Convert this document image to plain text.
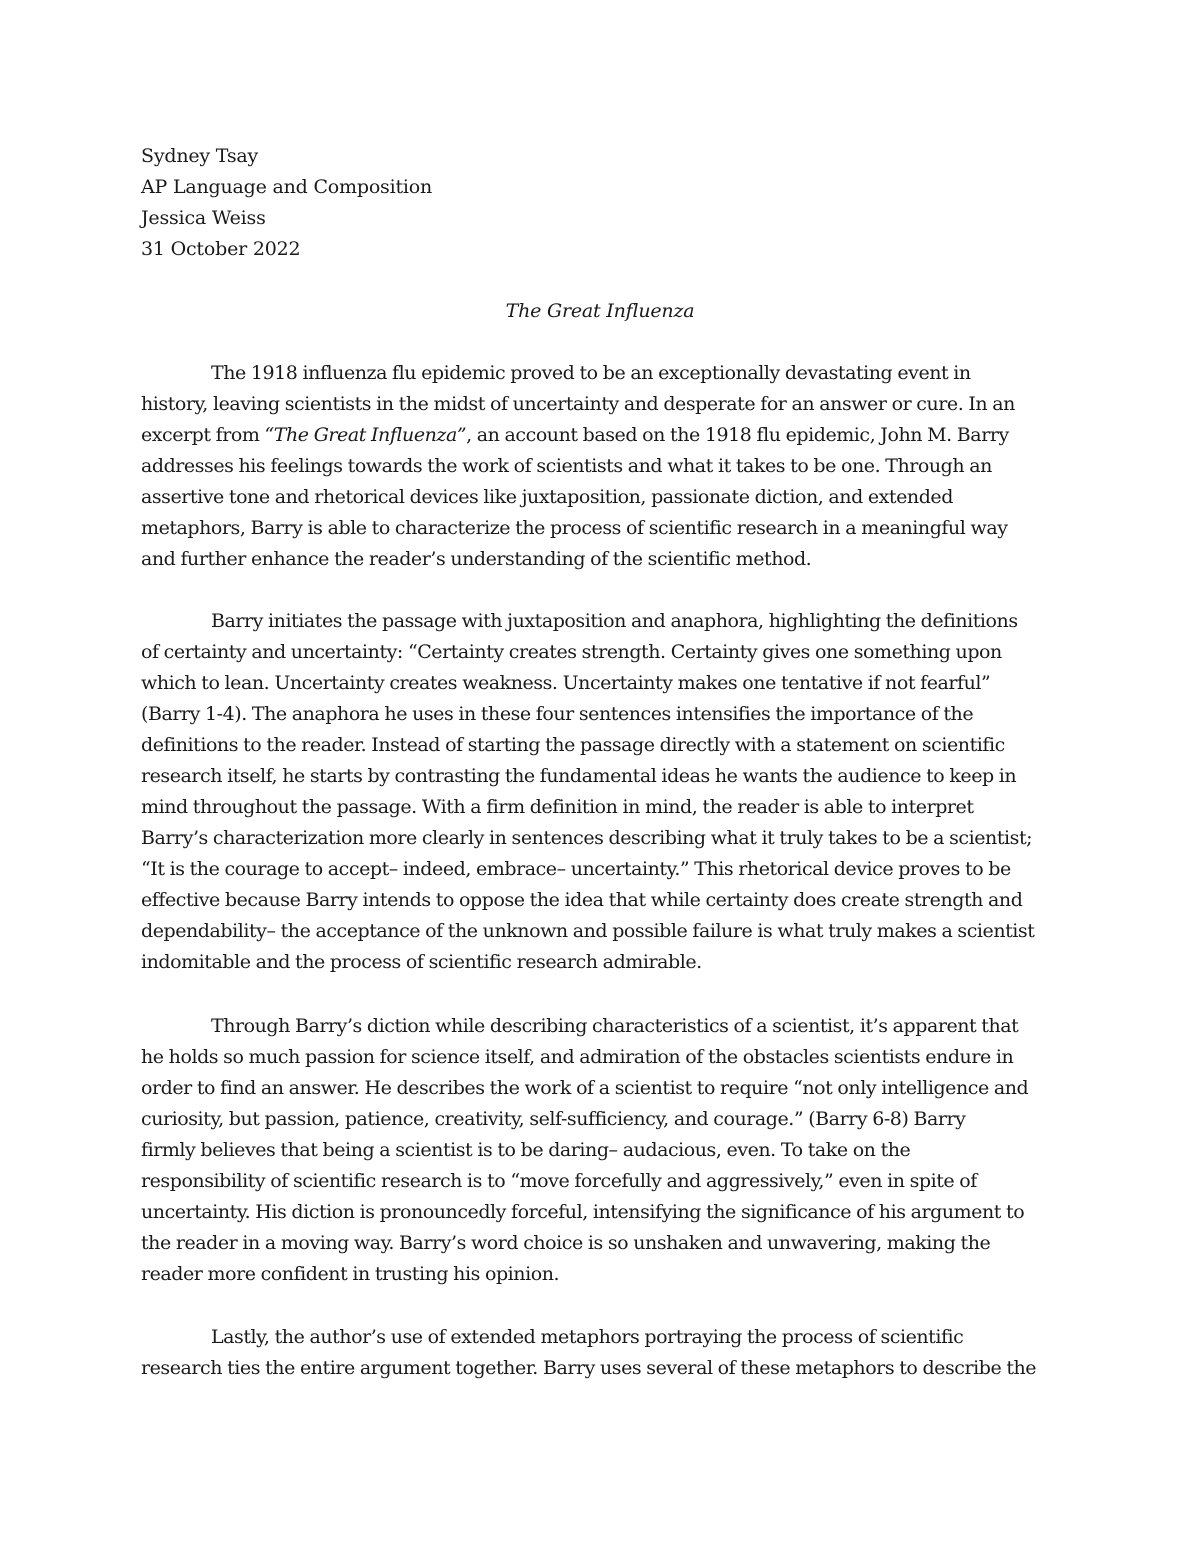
Sydney Tsay
AP Language and Composition
Jessica Weiss
31 October 2022
The Great Influenza
The 1918 influenza flu epidemic proved to be an exceptionally devastating event in
history, leaving scientists in the midst of uncertainty and desperate for an answer or cure. In an
excerpt from “The Great Influenza”, an account based on the 1918 flu epidemic, John M. Barry
addresses his feelings towards the work of scientists and what it takes to be one. Through an
assertive tone and rhetorical devices like juxtaposition, passionate diction, and extended
metaphors, Barry is able to characterize the process of scientific research in a meaningful way
and further enhance the reader’s understanding of the scientific method.
Barry initiates the passage with juxtaposition and anaphora, highlighting the definitions
of certainty and uncertainty: “Certainty creates strength. Certainty gives one something upon
which to lean. Uncertainty creates weakness. Uncertainty makes one tentative if not fearful”
(Barry 1-4). The anaphora he uses in these four sentences intensifies the importance of the
definitions to the reader. Instead of starting the passage directly with a statement on scientific
research itself, he starts by contrasting the fundamental ideas he wants the audience to keep in
mind throughout the passage. With a firm definition in mind, the reader is able to interpret
Barry’s characterization more clearly in sentences describing what it truly takes to be a scientist;
“It is the courage to accept– indeed, embrace– uncertainty.” This rhetorical device proves to be
effective because Barry intends to oppose the idea that while certainty does create strength and
dependability– the acceptance of the unknown and possible failure is what truly makes a scientist
indomitable and the process of scientific research admirable.
Through Barry’s diction while describing characteristics of a scientist, it’s apparent that
he holds so much passion for science itself, and admiration of the obstacles scientists endure in
order to find an answer. He describes the work of a scientist to require “not only intelligence and
curiosity, but passion, patience, creativity, self-sufficiency, and courage.” (Barry 6-8) Barry
firmly believes that being a scientist is to be daring– audacious, even. To take on the
responsibility of scientific research is to “move forcefully and aggressively,” even in spite of
uncertainty. His diction is pronouncedly forceful, intensifying the significance of his argument to
the reader in a moving way. Barry’s word choice is so unshaken and unwavering, making the
reader more confident in trusting his opinion.
Lastly, the author’s use of extended metaphors portraying the process of scientific
research ties the entire argument together. Barry uses several of these metaphors to describe the
